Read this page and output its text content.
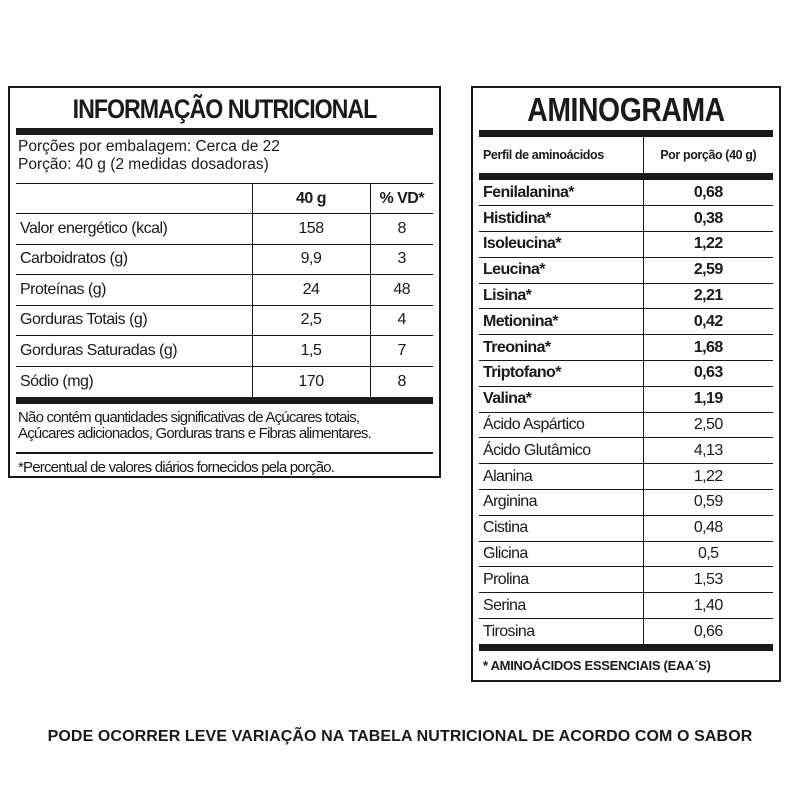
INFORMAÇÃO NUTRICIONAL
Porções por embalagem: Cerca de 22
Porção: 40 g (2 medidas dosadoras)
	40 g	% VD*
Valor energético (kcal)	158	8
Carboidratos (g)	9,9	3
Proteínas (g)	24	48
Gorduras Totais (g)	2,5	4
Gorduras Saturadas (g)	1,5	7
Sódio (mg)	170	8
Não contém quantidades significativas de Açúcares totais,
Açúcares adicionados, Gorduras trans e Fibras alimentares.
*Percentual de valores diários fornecidos pela porção.
AMINOGRAMA
Perfil de aminoácidos	Por porção (40 g)

Fenilalanina*	0,68
Histidina*	0,38
Isoleucina*	1,22
Leucina*	2,59
Lisina*	2,21
Metionina*	0,42
Treonina*	1,68
Triptofano*	0,63
Valina*	1,19
Ácido Aspártico	2,50
Ácido Glutâmico	4,13
Alanina	1,22
Arginina	0,59
Cistina	0,48
Glicina	0,5
Prolina	1,53
Serina	1,40
Tirosina	0,66
* AMINOÁCIDOS ESSENCIAIS (EAA´S)
PODE OCORRER LEVE VARIAÇÃO NA TABELA NUTRICIONAL DE ACORDO COM O SABOR
